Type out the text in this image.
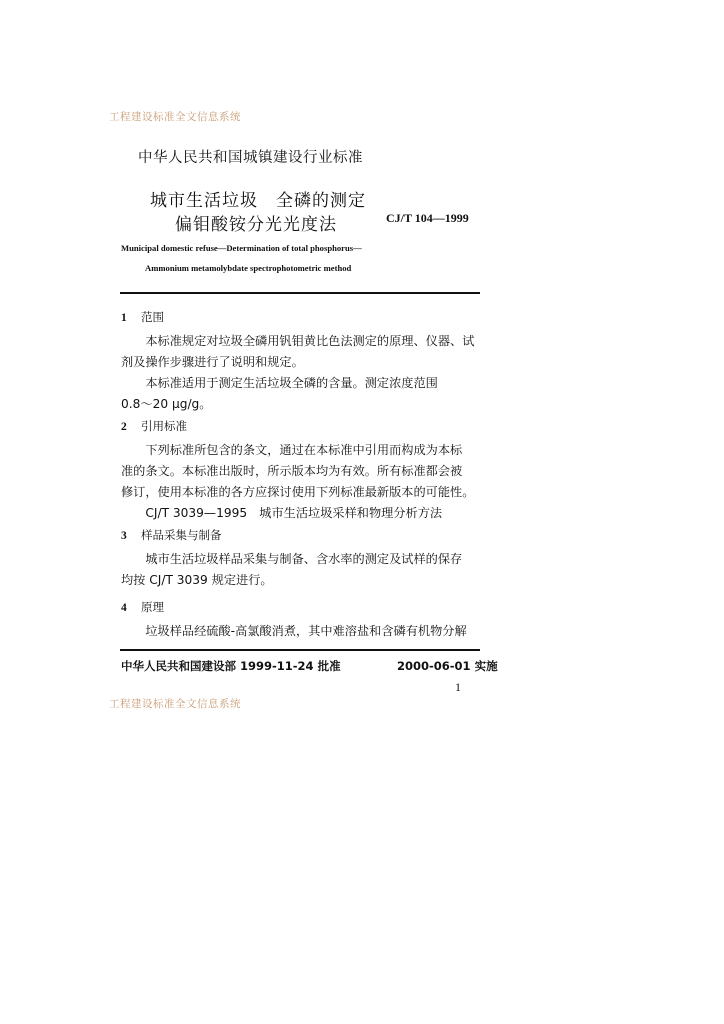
工程建设标准全文信息系统
中华人民共和国城镇建设行业标准
城市生活垃圾　全磷的测定
偏钼酸铵分光光度法	CJ/T 104—1999
Municipal domestic refuse—Determination of total phosphorus—
Ammonium metamolybdate spectrophotometric method
1 范围
　　本标准规定对垃圾全磷用钒钼黄比色法测定的原理、仪器、试
剂及操作步骤进行了说明和规定。
　　本标准适用于测定生活垃圾全磷的含量。测定浓度范围
0.8～20 μg/g。
2 引用标准
　　下列标准所包含的条文，通过在本标准中引用而构成为本标
准的条文。本标准出版时，所示版本均为有效。所有标准都会被
修订，使用本标准的各方应探讨使用下列标准最新版本的可能性。
　　CJ/T 3039—1995　城市生活垃圾采样和物理分析方法
3 样品采集与制备
　　城市生活垃圾样品采集与制备、含水率的测定及试样的保存
均按 CJ/T 3039 规定进行。
4 原理
　　垃圾样品经硫酸-高氯酸消煮，其中难溶盐和含磷有机物分解
中华人民共和国建设部 1999-11-24 批准	2000-06-01 实施
1
工程建设标准全文信息系统
